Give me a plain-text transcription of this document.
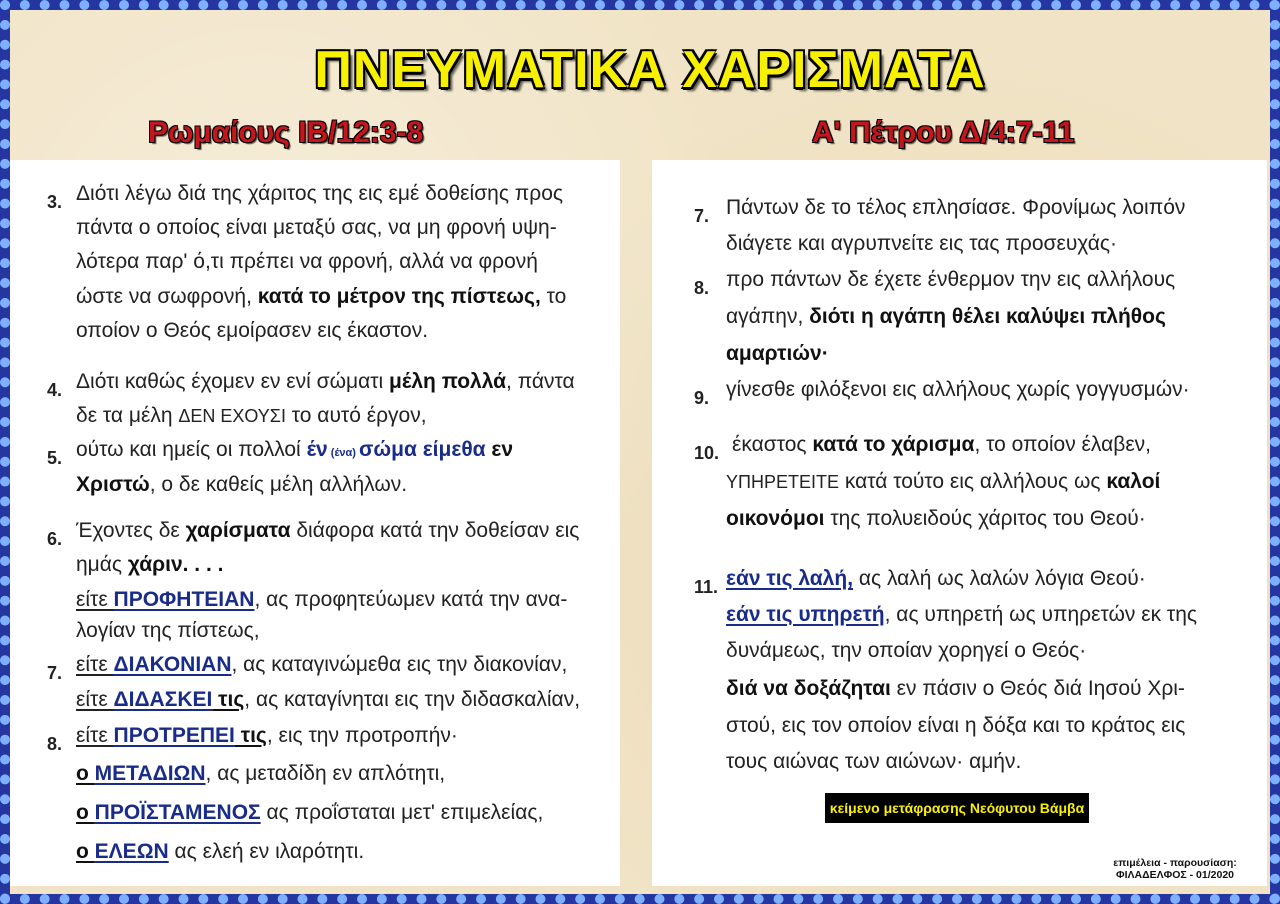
ΠΝΕΥΜΑΤΙΚΑ ΧΑΡΙΣΜΑΤΑ
Ρωμαίους ΙΒ/12:3-8	Α' Πέτρου Δ/4:7-11
3. Διότι λέγω διά της χάριτος της εις εμέ δοθείσης προς
πάντα ο οποίος είναι μεταξύ σας, να μη φρονή υψη-
λότερα παρ' ό,τι πρέπει να φρονή, αλλά να φρονή
ώστε να σωφρονή, κατά το μέτρον της πίστεως, το
οποίον ο Θεός εμοίρασεν εις έκαστον.
4. Διότι καθώς έχομεν εν ενί σώματι μέλη πολλά, πάντα
δε τα μέλη ΔΕΝ ΕΧΟΥΣΙ το αυτό έργον,
5. ούτω και ημείς οι πολλοί έν (ένα) σώμα είμεθα εν
Χριστώ, ο δε καθείς μέλη αλλήλων.
6. Έχοντες δε χαρίσματα διάφορα κατά την δοθείσαν εις
ημάς χάριν. . . .
είτε ΠΡΟΦΗΤΕΙΑΝ, ας προφητεύωμεν κατά την ανα-
λογίαν της πίστεως,
7. είτε ΔΙΑΚΟΝΙΑΝ, ας καταγινώμεθα εις την διακονίαν,
είτε ΔΙΔΑΣΚΕΙ τις, ας καταγίνηται εις την διδασκαλίαν,
8. είτε ΠΡΟΤΡΕΠΕΙ τις, εις την προτροπήν·
ο ΜΕΤΑΔΙΩΝ, ας μεταδίδη εν απλότητι,
ο ΠΡΟΪΣΤΑΜΕΝΟΣ ας προΐσταται μετ' επιμελείας,
ο ΕΛΕΩΝ ας ελεή εν ιλαρότητι.
7. Πάντων δε το τέλος επλησίασε. Φρονίμως λοιπόν
διάγετε και αγρυπνείτε εις τας προσευχάς·
8. προ πάντων δε έχετε ένθερμον την εις αλλήλους
αγάπην, διότι η αγάπη θέλει καλύψει πλήθος
αμαρτιών·
9. γίνεσθε φιλόξενοι εις αλλήλους χωρίς γογγυσμών·
10. έκαστος κατά το χάρισμα, το οποίον έλαβεν,
ΥΠΗΡΕΤΕΙΤΕ κατά τούτο εις αλλήλους ως καλοί
οικονόμοι της πολυειδούς χάριτος του Θεού·
11. εάν τις λαλή, ας λαλή ως λαλών λόγια Θεού·
εάν τις υπηρετή, ας υπηρετή ως υπηρετών εκ της
δυνάμεως, την οποίαν χορηγεί ο Θεός·
διά να δοξάζηται εν πάσιν ο Θεός διά Ιησού Χρι-
στού, εις τον οποίον είναι η δόξα και το κράτος εις
τους αιώνας των αιώνων· αμήν.
κείμενο μετάφρασης Νεόφυτου Βάμβα
επιμέλεια - παρουσίαση:
ΦΙΛΑΔΕΛΦΟΣ - 01/2020
